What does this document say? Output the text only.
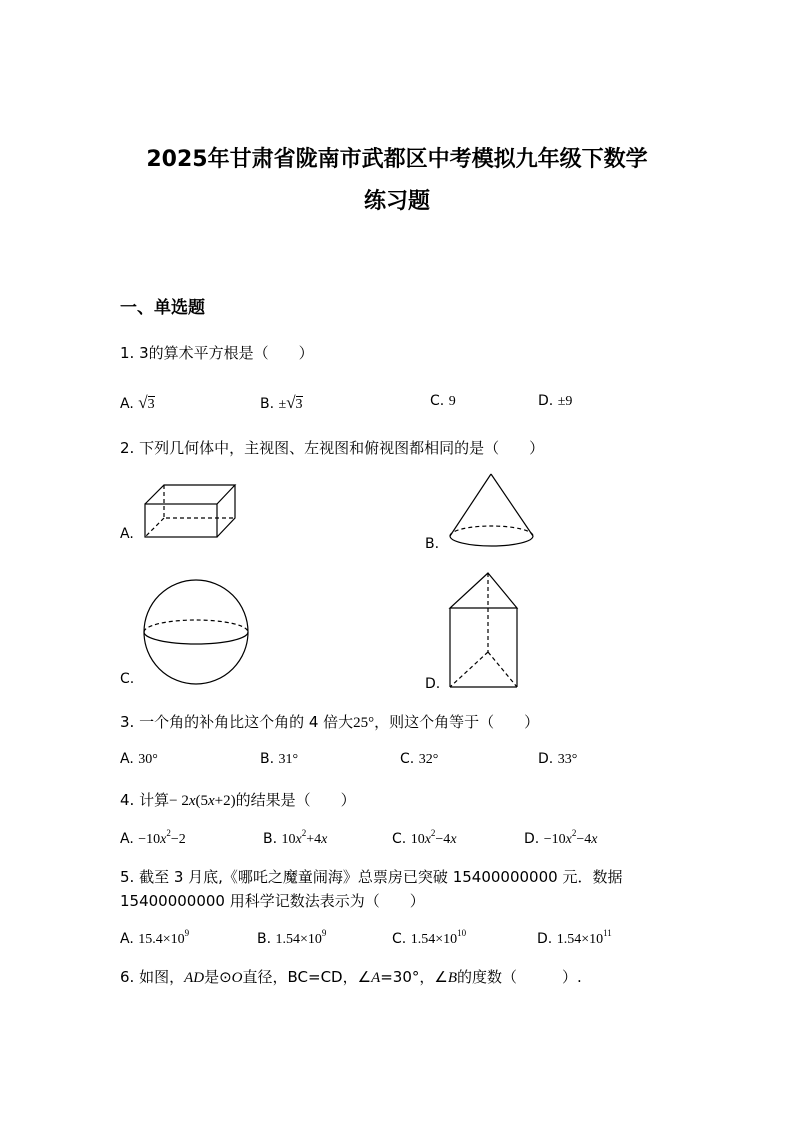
2025年甘肃省陇南市武都区中考模拟九年级下数学
练习题
一、单选题
1. 3的算术平方根是（　　）
A. √3	B. ±√3	C. 9	D. ±9
2. 下列几何体中，主视图、左视图和俯视图都相同的是（　　）
A.
B.
C.	D.
3. 一个角的补角比这个角的 4 倍大25°，则这个角等于（　　）
A. 30°	B. 31°	C. 32°	D. 33°
4. 计算− 2x(5x+2)的结果是（　　）
A. $-10x^2-2$	B. $10x^2+4x$	C. $10x^2-4x$	D. $-10x^2-4x$
5. 截至 3 月底,《哪吒之魔童闹海》总票房已突破 15400000000 元．数据
15400000000 用科学记数法表示为（　　）
A. $15.4\times 10^9$	B. $1.54\times 10^9$	C. $1.54\times 10^{10}$	D. $1.54\times 10^{11}$
6. 如图，AD是⊙O直径，BC=CD，∠A=30°，∠B的度数（　　　）.
